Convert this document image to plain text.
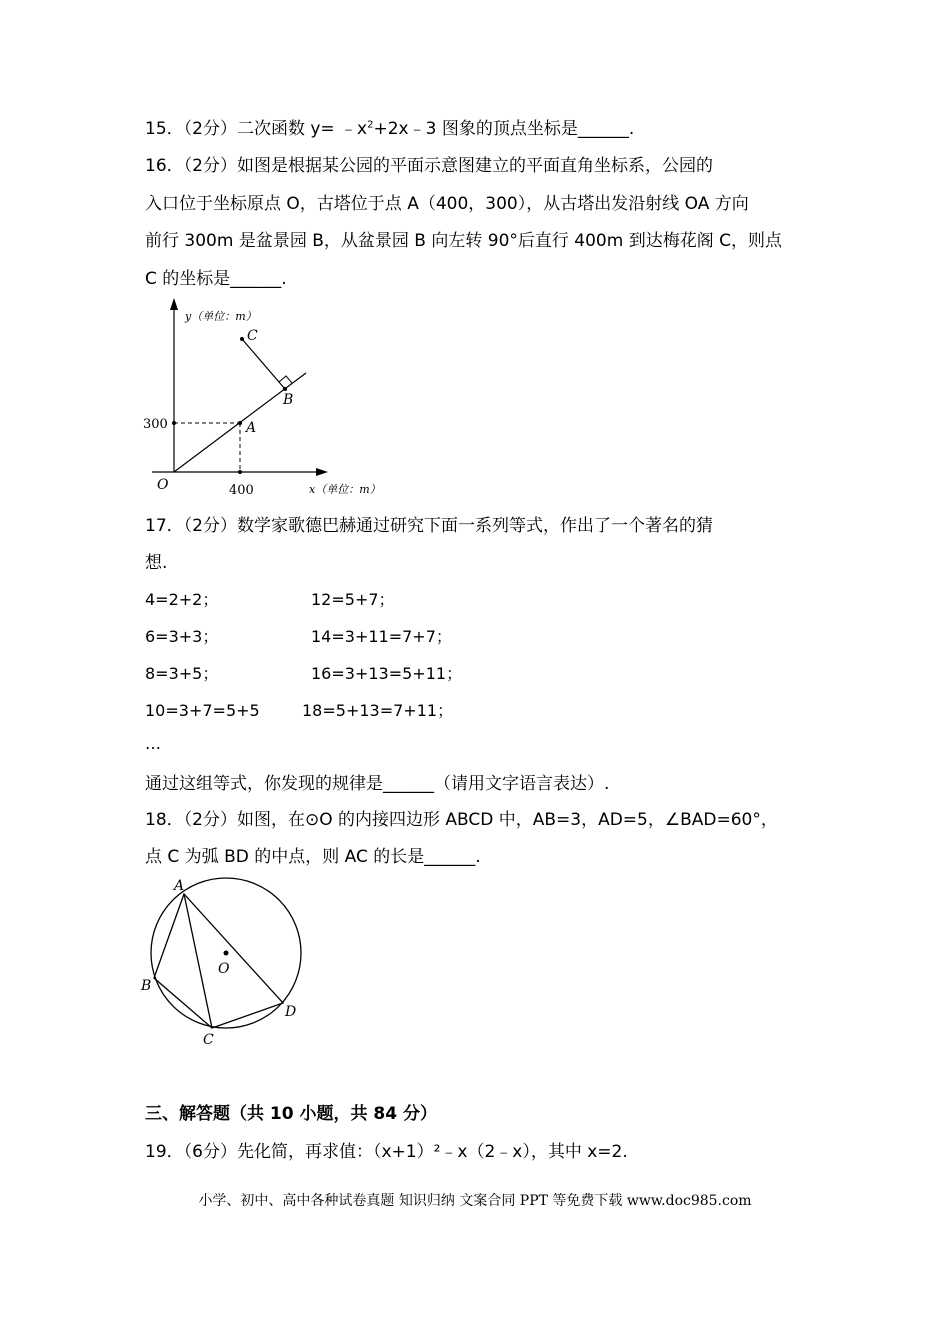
15．（2分）二次函数 $y= ﹣x^2+2x﹣3$ 图象的顶点坐标是______.
16．（2分）如图是根据某公园的平面示意图建立的平面直角坐标系，公园的
入口位于坐标原点 O，古塔位于点 A（400，300），从古塔出发沿射线 OA 方向
前行 300m 是盆景园 B，从盆景园 B 向左转 90°后直行 400m 到达梅花阁 C，则点
C 的坐标是______.
y（单位：m）
x（单位：m）
O
A
B
C
300
400
A
B
C
D
O
17．（2分）数学家歌德巴赫通过研究下面一系列等式，作出了一个著名的猜
想.
4=2+2；
6=3+3；
8=3+5；
10=3+7=5+5
12=5+7；
14=3+11=7+7；
16=3+13=5+11；
18=5+13=7+11；
…
通过这组等式，你发现的规律是______（请用文字语言表达）.
18．（2分）如图，在⊙O 的内接四边形 ABCD 中，AB=3，AD=5，∠BAD=60°，
点 C 为弧 BD 的中点，则 AC 的长是______.
三、解答题（共 10 小题，共 84 分）
19．（6分）先化简，再求值：（x+1）²﹣x（2﹣x），其中 x=2.
小学、初中、高中各种试卷真题 知识归纳 文案合同 PPT 等免费下载 www.doc985.com
